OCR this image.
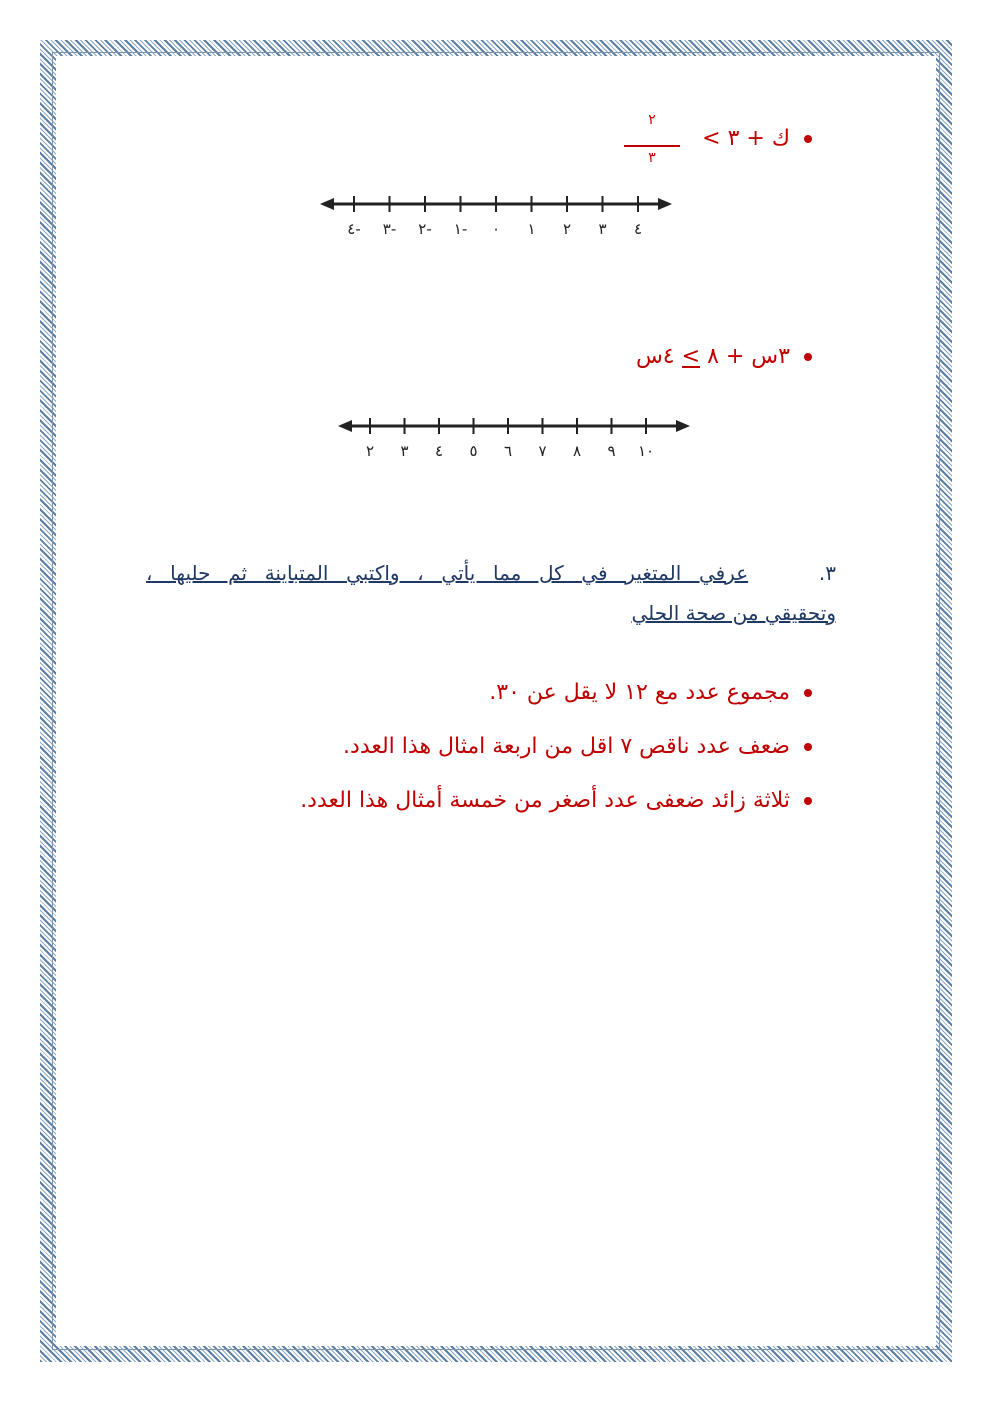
ك + ٣ >
٢
٣
٤- ٣- ٢- ١- ٠ ١ ٢ ٣ ٤
٣س + ٨ > ٤س
٢ ٣ ٤ ٥ ٦ ٧ ٨ ٩ ١٠
٣.    عرفي المتغير في كل مما يأتي ، واكتبي المتباينة ثم حليها ،
وتحقيقي من صحة الحلي
مجموع عدد مع ١٢ لا يقل عن ٣٠.
ضعف عدد ناقص ٧ اقل من اربعة امثال هذا العدد.
ثلاثة زائد ضعفى عدد أصغر من خمسة أمثال هذا العدد.
